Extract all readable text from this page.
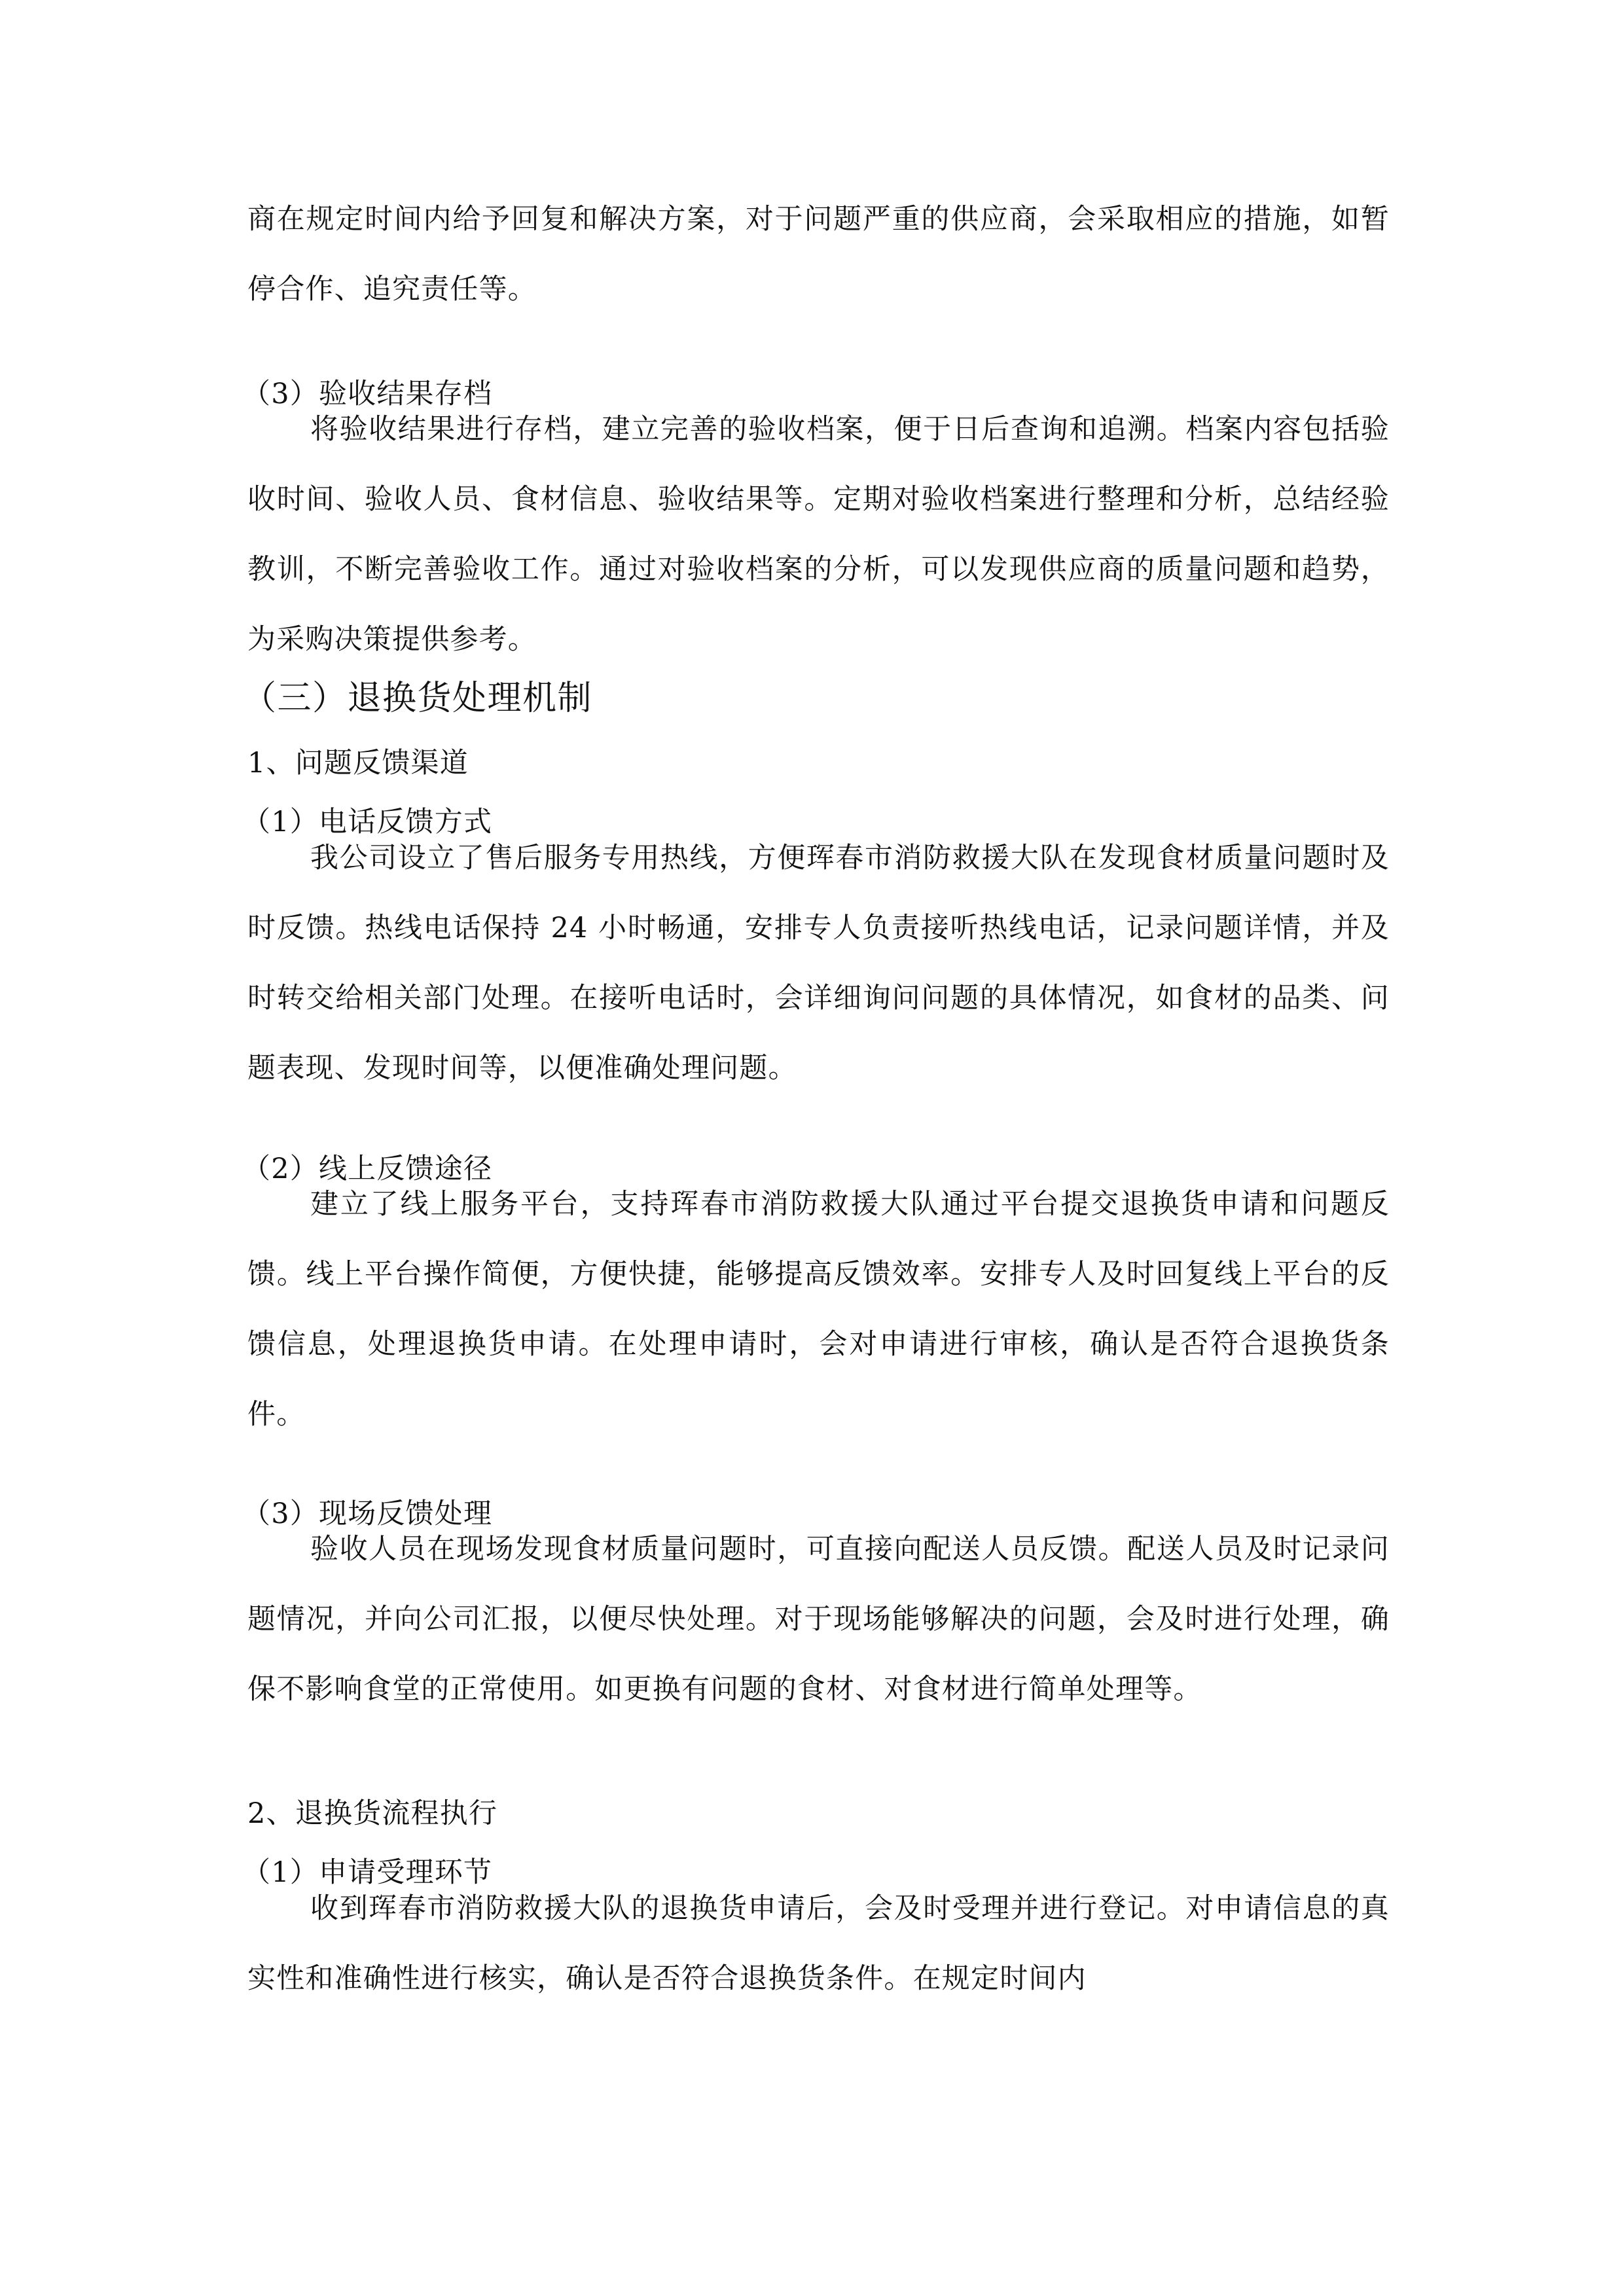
商在规定时间内给予回复和解决方案，对于问题严重的供应商，会采取相应的措施，如暂停合作、追究责任等。

（3）验收结果存档

将验收结果进行存档，建立完善的验收档案，便于日后查询和追溯。档案内容包括验收时间、验收人员、食材信息、验收结果等。定期对验收档案进行整理和分析，总结经验教训，不断完善验收工作。通过对验收档案的分析，可以发现供应商的质量问题和趋势，为采购决策提供参考。

（三）退换货处理机制
1、问题反馈渠道
（1）电话反馈方式

我公司设立了售后服务专用热线，方便珲春市消防救援大队在发现食材质量问题时及时反馈。热线电话保持 24 小时畅通，安排专人负责接听热线电话，记录问题详情，并及时转交给相关部门处理。在接听电话时，会详细询问问题的具体情况，如食材的品类、问题表现、发现时间等，以便准确处理问题。

（2）线上反馈途径

建立了线上服务平台，支持珲春市消防救援大队通过平台提交退换货申请和问题反馈。线上平台操作简便，方便快捷，能够提高反馈效率。安排专人及时回复线上平台的反馈信息，处理退换货申请。在处理申请时，会对申请进行审核，确认是否符合退换货条件。

（3）现场反馈处理

验收人员在现场发现食材质量问题时，可直接向配送人员反馈。配送人员及时记录问题情况，并向公司汇报，以便尽快处理。对于现场能够解决的问题，会及时进行处理，确保不影响食堂的正常使用。如更换有问题的食材、对食材进行简单处理等。

2、退换货流程执行
（1）申请受理环节

收到珲春市消防救援大队的退换货申请后，会及时受理并进行登记。对申请信息的真实性和准确性进行核实，确认是否符合退换货条件。在规定时间内
